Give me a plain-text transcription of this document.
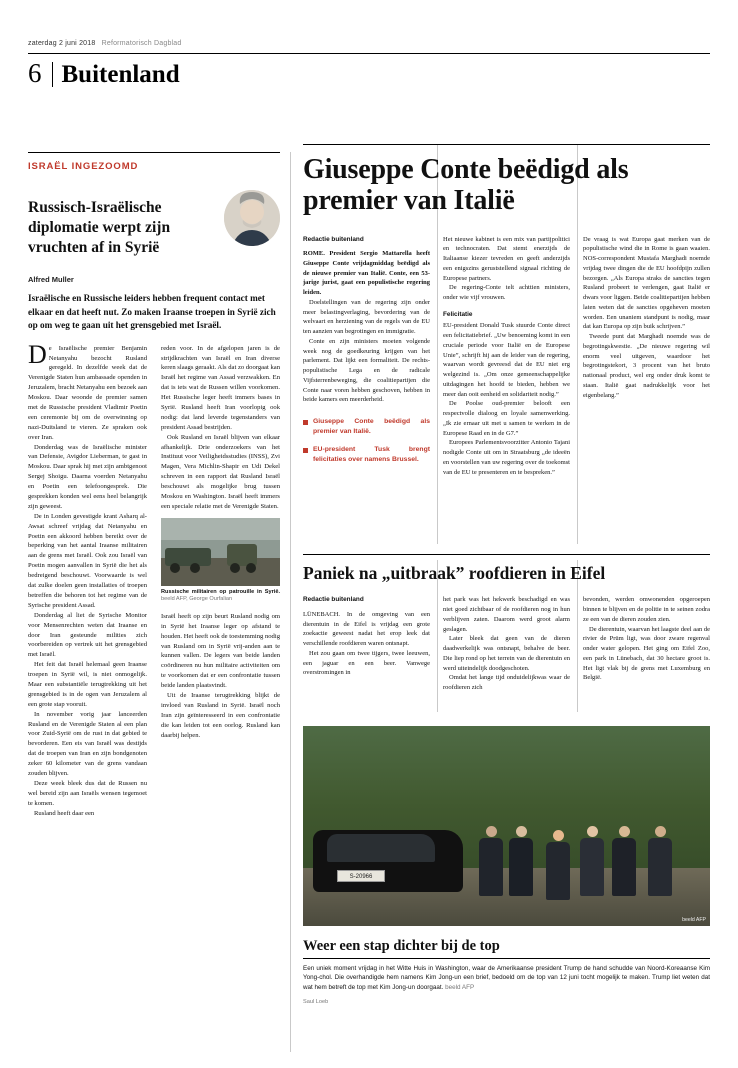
zaterdag 2 juni 2018 Reformatorisch Dagblad
6 Buitenland
ISRAËL INGEZOOMD
Russisch-Israëlische diplomatie werpt zijn vruchten af in Syrië
Alfred Muller
Israëlische en Russische leiders hebben frequent contact met elkaar en dat heeft nut. Zo maken Iraanse troepen in Syrië zich op om weg te gaan uit het grensgebied met Israël.

De Israëlische premier Benjamin Netanyahu bezocht Rusland geregeld. In dezelfde week dat de Verenigde Staten hun ambassade openden in Jeruzalem, bracht Netanyahu een bezoek aan Moskou. Daar woonde de premier samen met de Russische president Vladimir Poetin een ceremonie bij om de overwinning op nazi-Duitsland te vieren. Ze spraken ook over Iran.

Donderdag was de Israëlische minister van Defensie, Avigdor Lieberman, te gast in Moskou. Daar sprak hij met zijn ambtgenoot Sergej Shoigu. Daarna voerden Netanyahu en Poetin een telefoongesprek. Die gesprekken konden wel eens heel belangrijk zijn geweest.

De in Londen gevestigde krant Asharq al-Awsat schreef vrijdag dat Netanyahu en Poetin een akkoord hebben bereikt over de beperking van het aantal Iraanse militairen aan de grens met Israël. Ook zou Israël van Poetin mogen aanvallen in Syrië die het als bedreigend beschouwt. Voorwaarde is wel dat zulke doelen geen installaties of troepen betreffen die behoren tot het regime van de Syrische president Assad.

Donderdag al liet de Syrische Monitor voor Mensenrechten weten dat Iraanse en door Iran gesteunde milities zich voorbereiden op vertrek uit het grensgebied met Israël.

Het feit dat Israël helemaal geen Iraanse troepen in Syrië wil, is niet onmogelijk. Maar een substantiële terugtrekking uit het grensgebied is in de ogen van Jeruzalem al een grote stap vooruit.

In november vorig jaar lanceerden Rusland en de Verenigde Staten al een plan voor Zuid-Syrië om de rust in dat gebied te bevorderen. Een eis van Israël was destijds dat de troepen van Iran en zijn bondgenoten zeker 60 kilometer van de grens vandaan zouden blijven.

Deze week bleek dus dat de Russen nu wel bereid zijn aan Israëls wensen tegemoet te komen.

Rusland heeft daar een

reden voor. In de afgelopen jaren is de strijdkrachten van Israël en Iran diverse keren slaags geraakt. Als dat zo doorgaat kan Israël het regime van Assad verzwakken. En dat is iets wat de Russen willen voorkomen. Het Russische leger heeft immers bases in Syrië. Rusland heeft Iran voorlopig ook nodig: dat land leverde tegenstanders van president Assad bestrijden.

Ook Rusland en Israël blijven van elkaar afhankelijk. Drie onderzoekers van het Instituut voor Veiligheidsstudies (INSS), Zvi Magen, Vera Michlin-Shapir en Udi Dekel schreven in een rapport dat Rusland Israël beschouwt als mogelijke brug tussen Moskou en Washington. Israël heeft immers een speciale relatie met de Verenigde Staten.

Russische militairen op patrouille in Syrië. beeld AFP, George Ourfalian

Israël heeft op zijn beurt Rusland nodig om in Syrië het Iraanse leger op afstand te houden. Het heeft ook de toestemming nodig van Rusland om in Syrië vrij-anden aan te kunnen vallen. De legers van beide landen coördineren nu hun militaire activiteiten om te voorkomen dat er een confrontatie tussen beide landen plaatsvindt.

Uit de Iraanse terugtrekking blijkt de invloed van Rusland in Syrië. Israël noch Iran zijn geïnteresseerd in een confrontatie die kan leiden tot een oorlog. Rusland kan daarbij helpen.

Giuseppe Conte beëdigd als premier van Italië
Redactie buitenland

ROME. President Sergio Mattarella heeft Giuseppe Conte vrijdagmiddag beëdigd als de nieuwe premier van Italië. Conte, een 53-jarige jurist, gaat een populistische regering leiden.

Doelstellingen van de regering zijn onder meer belastingverlaging, bevordering van de welvaart en herziening van de regels van de EU ten aanzien van begrotingen en immigratie.

Conte en zijn ministers moeten volgende week nog de goedkeuring krijgen van het parlement. Dat lijkt een formaliteit. De rechts-populistische Lega en de radicale Vijfsterrenbeweging, die coalitiepartijen die Conte naar voren hebben geschoven, hebben in beide kamers een meerderheid.

Giuseppe Conte beëdigd als premier van Italië.
EU-president Tusk brengt felicitaties over namens Brussel.

Het nieuwe kabinet is een mix van partijpolitici en technocraten. Dat stemt enerzijds de Italiaanse kiezer tevreden en geeft anderzijds een enigszins geruststellend signaal richting de Europese partners.

De regering-Conte telt achttien ministers, onder wie vijf vrouwen.

Felicitatie

EU-president Donald Tusk stuurde Conte direct een felicitatiebrief. „Uw benoeming komt in een cruciale periode voor Italië en de Europese Unie”, schrijft hij aan de leider van de regering, waarvan wordt gevreesd dat de EU niet erg welgezind is. „Om onze gemeenschappelijke uitdagingen het hoofd te bieden, hebben we meer dan ooit eenheid en solidariteit nodig.”

De Poolse oud-premier belooft een respectvolle dialoog en loyale samenwerking. „Ik zie ernaar uit met u samen te werken in de Europese Raad en in de G7.”

Europees Parlementsvoorzitter Antonio Tajani nodigde Conte uit om in Straatsburg „de ideeën en voorstellen van uw regering over de toekomst van de EU te presenteren en te bespreken.”

De vraag is wat Europa gaat merken van de populistische wind die in Rome is gaan waaien. NOS-correspondent Mustafa Marghadi noemde vrijdag twee dingen die de EU hoofdpijn zullen bezorgen. „Als Europa straks de sancties tegen Rusland probeert te verlengen, gaat Italië er dwars voor liggen. Beide coalitiepartijen hebben laten weten dat de sancties opgeheven moeten worden. Een unaniem standpunt is nodig, maar dat kan Europa op zijn buik schrijven.”

Tweede punt dat Marghadi noemde was de begrotingskwestie. „De nieuwe regering wil enorm veel uitgeven, waardoor het begrotingstekort, 3 procent van het bruto nationaal product, wel erg onder druk komt te staan. Italië gaat nadrukkelijk voor het eigenbelang.”

Paniek na „uitbraak” roofdieren in Eifel
Redactie buitenland

LÜNEBACH. In de omgeving van een dierentuin in de Eifel is vrijdag een grote zoekactie geweest nadat het erop leek dat verschillende roofdieren waren ontsnapt.

Het zou gaan om twee tijgers, twee leeuwen, een jaguar en een beer. Vanwege overstromingen in

het park was het hekwerk beschadigd en was niet goed zichtbaar of de roofdieren nog in hun verblijven zaten. Daarom werd groot alarm geslagen.

Later bleek dat geen van de dieren daadwerkelijk was ontsnapt, behalve de beer. Die liep rond op het terrein van de dierentuin en werd uiteindelijk doodgeschoten.

Omdat het lange tijd onduidelijkwas waar de roofdieren zich

bevonden, werden omwonenden opgeroepen binnen te blijven en de politie in te seinen zodra ze een van de dieren zouden zien.

De dierentuin, waarvan het laagste deel aan de rivier de Prüm ligt, was door zware regenval onder water gelopen. Het ging om Eifel Zoo, een park in Lünebach, dat 30 hectare groot is. Het ligt vlak bij de grens met Luxemburg en België.

S-20966
beeld AFP
Weer een stap dichter bij de top
Een uniek moment vrijdag in het Witte Huis in Washington, waar de Amerikaanse president Trump de hand schudde van Noord-Koreaanse Kim Yong-chol. Die overhandigde hem namens Kim Jong-un een brief, bedoeld om de top van 12 juni tocht mogelijk te maken. Trump liet weten dat wat hem betreft de top met Kim Jong-un doorgaat. beeld AFP
Saul Loeb
